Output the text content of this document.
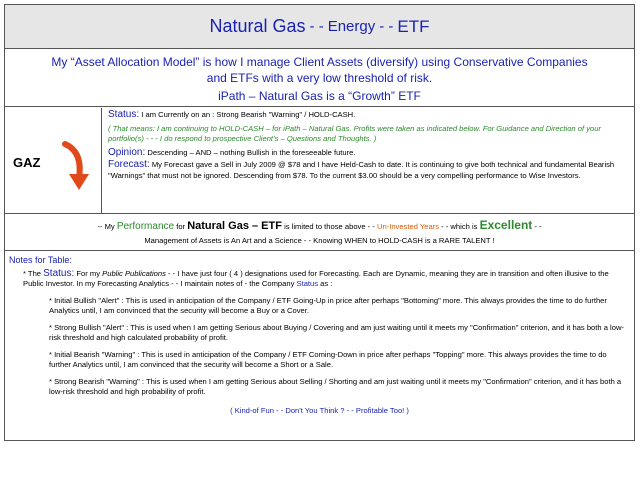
Natural Gas - - Energy - - ETF
My “Asset Allocation Model” is how I manage Client Assets (diversify) using Conservative Companies
and ETFs with a very low threshold of risk.
iPath – Natural Gas is a “Growth” ETF
GAZ
Status: I am Currently on an : Strong Bearish "Warning" / HOLD-CASH.
( That means: I am continuing to HOLD-CASH – for iPath – Natural Gas. Profits were taken as indicated below. For Guidance and Direction of your portfolio(s) - - - I do respond to prospective Client’s – Questions and Thoughts. )
Opinion: Descending – AND – nothing Bullish in the foreseeable future.
Forecast: My Forecast gave a Sell in July 2009 @ $78 and I have Held-Cash to date. It is continuing to give both technical and fundamental Bearish "Warnings" that must not be ignored. Descending from $78. To the current $3.00 should be a very compelling performance to Wise Investors.
-- My Performance for Natural Gas – ETF is limited to those above - - Un-Invested Years - - which is Excellent - -
Management of Assets is An Art and a Science - - Knowing WHEN to HOLD-CASH is a RARE TALENT !
Notes for Table:

* The Status: For my Public Publications - - I have just four ( 4 ) designations used for Forecasting. Each are Dynamic, meaning they are in transition and often illusive to the Public Investor. In my Forecasting Analytics - - I maintain notes of - the Company Status as :

* Initial Bullish "Alert" : This is used in anticipation of the Company / ETF Going-Up in price after perhaps "Bottoming" more. This always provides the time to do further Analytics until, I am convinced that the security will become a Buy or a Cover.

* Strong Bullish "Alert" : This is used when I am getting Serious about Buying / Covering and am just waiting until it meets my "Confirmation" criterion, and it has both a low-risk threshold and high calculated probability of profit.

* Initial Bearish "Warning" : This is used in anticipation of the Company / ETF Coming-Down in price after perhaps "Topping" more. This always provides the time to do further Analytics until, I am convinced that the security will become a Short or a Sale.

* Strong Bearish "Warning" : This is used when I am getting Serious about Selling / Shorting and am just waiting until it meets my "Confirmation" criterion, and it has both a low-risk threshold and high probability of profit.

( Kind-of Fun - - Don't You Think ? - - Profitable Too! )
